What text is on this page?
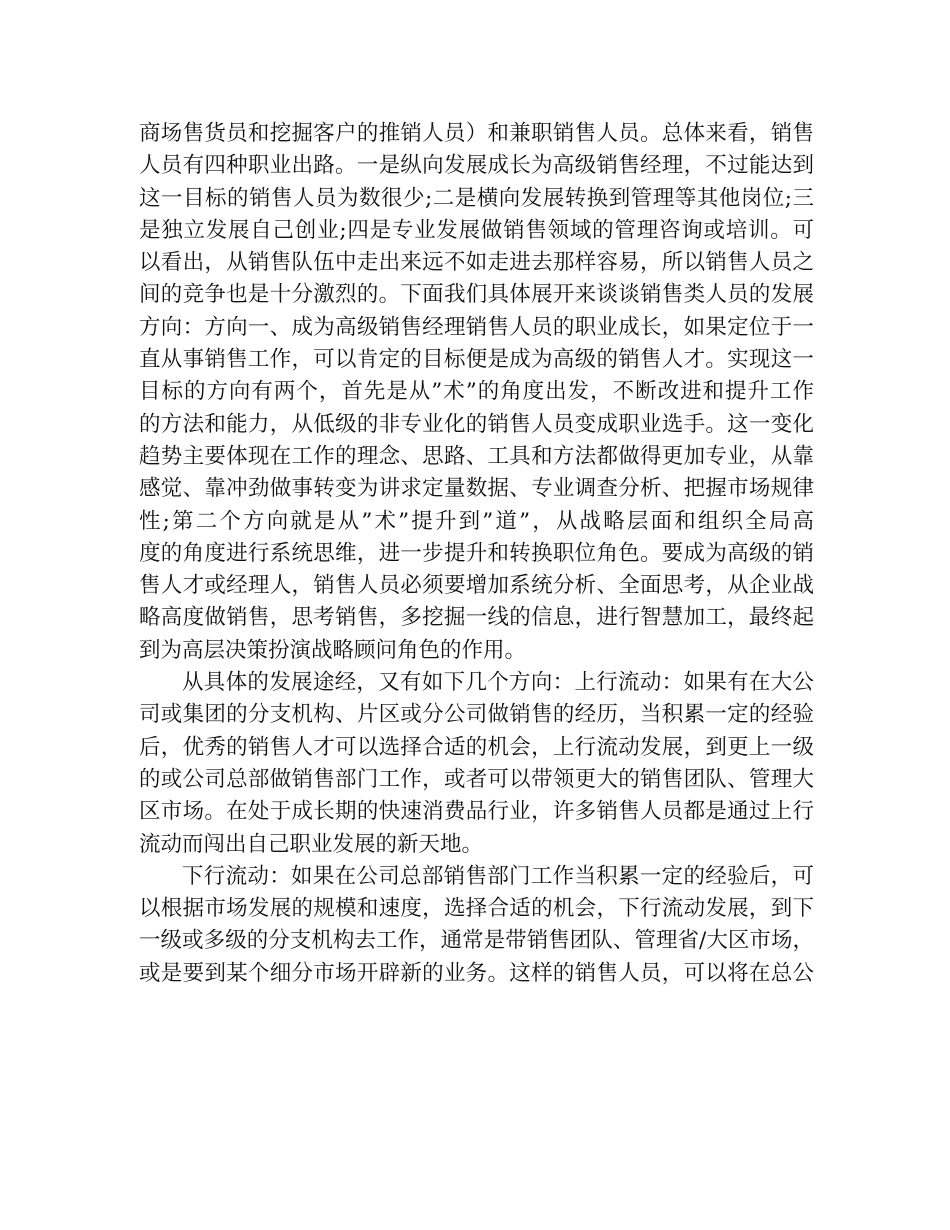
商场售货员和挖掘客户的推销人员）和兼职销售人员。总体来看，销售
人员有四种职业出路。一是纵向发展成长为高级销售经理，不过能达到
这一目标的销售人员为数很少;二是横向发展转换到管理等其他岗位;三
是独立发展自己创业;四是专业发展做销售领域的管理咨询或培训。可
以看出，从销售队伍中走出来远不如走进去那样容易，所以销售人员之
间的竞争也是十分激烈的。下面我们具体展开来谈谈销售类人员的发展
方向：方向一、成为高级销售经理销售人员的职业成长，如果定位于一
直从事销售工作，可以肯定的目标便是成为高级的销售人才。实现这一
目标的方向有两个，首先是从”术”的角度出发，不断改进和提升工作
的方法和能力，从低级的非专业化的销售人员变成职业选手。这一变化
趋势主要体现在工作的理念、思路、工具和方法都做得更加专业，从靠
感觉、靠冲劲做事转变为讲求定量数据、专业调查分析、把握市场规律
性;第二个方向就是从”术”提升到”道”，从战略层面和组织全局高
度的角度进行系统思维，进一步提升和转换职位角色。要成为高级的销
售人才或经理人，销售人员必须要增加系统分析、全面思考，从企业战
略高度做销售，思考销售，多挖掘一线的信息，进行智慧加工，最终起
到为高层决策扮演战略顾问角色的作用。
从具体的发展途经，又有如下几个方向：上行流动：如果有在大公
司或集团的分支机构、片区或分公司做销售的经历，当积累一定的经验
后，优秀的销售人才可以选择合适的机会，上行流动发展，到更上一级
的或公司总部做销售部门工作，或者可以带领更大的销售团队、管理大
区市场。在处于成长期的快速消费品行业，许多销售人员都是通过上行
流动而闯出自己职业发展的新天地。
下行流动：如果在公司总部销售部门工作当积累一定的经验后，可
以根据市场发展的规模和速度，选择合适的机会，下行流动发展，到下
一级或多级的分支机构去工作，通常是带销售团队、管理省/大区市场，
或是要到某个细分市场开辟新的业务。这样的销售人员，可以将在总公
